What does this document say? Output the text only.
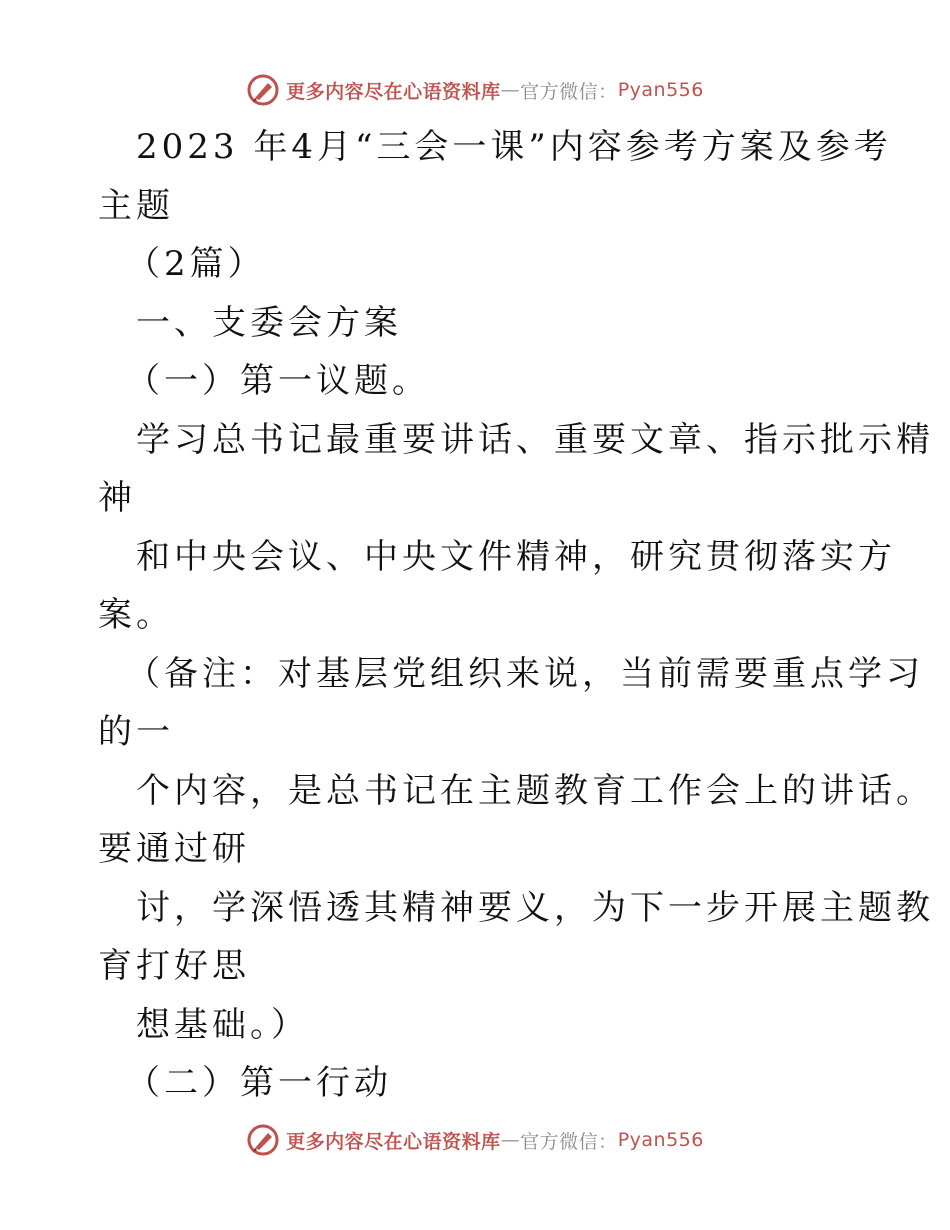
更多内容尽在心语资料库 — 官方微信 ： Pyan556
2023 年4月“三会一课”内容参考方案及参考
主题
（2篇）
一、支委会方案
（一）第一议题。
学习总书记最重要讲话、重要文章、指示批示精
神
和中央会议、中央文件精神，研究贯彻落实方
案。
（备注：对基层党组织来说，当前需要重点学习
的一
个内容，是总书记在主题教育工作会上的讲话。
要通过研
讨，学深悟透其精神要义，为下一步开展主题教
育打好思
想基础。）
（二）第一行动
更多内容尽在心语资料库 — 官方微信 ： Pyan556
